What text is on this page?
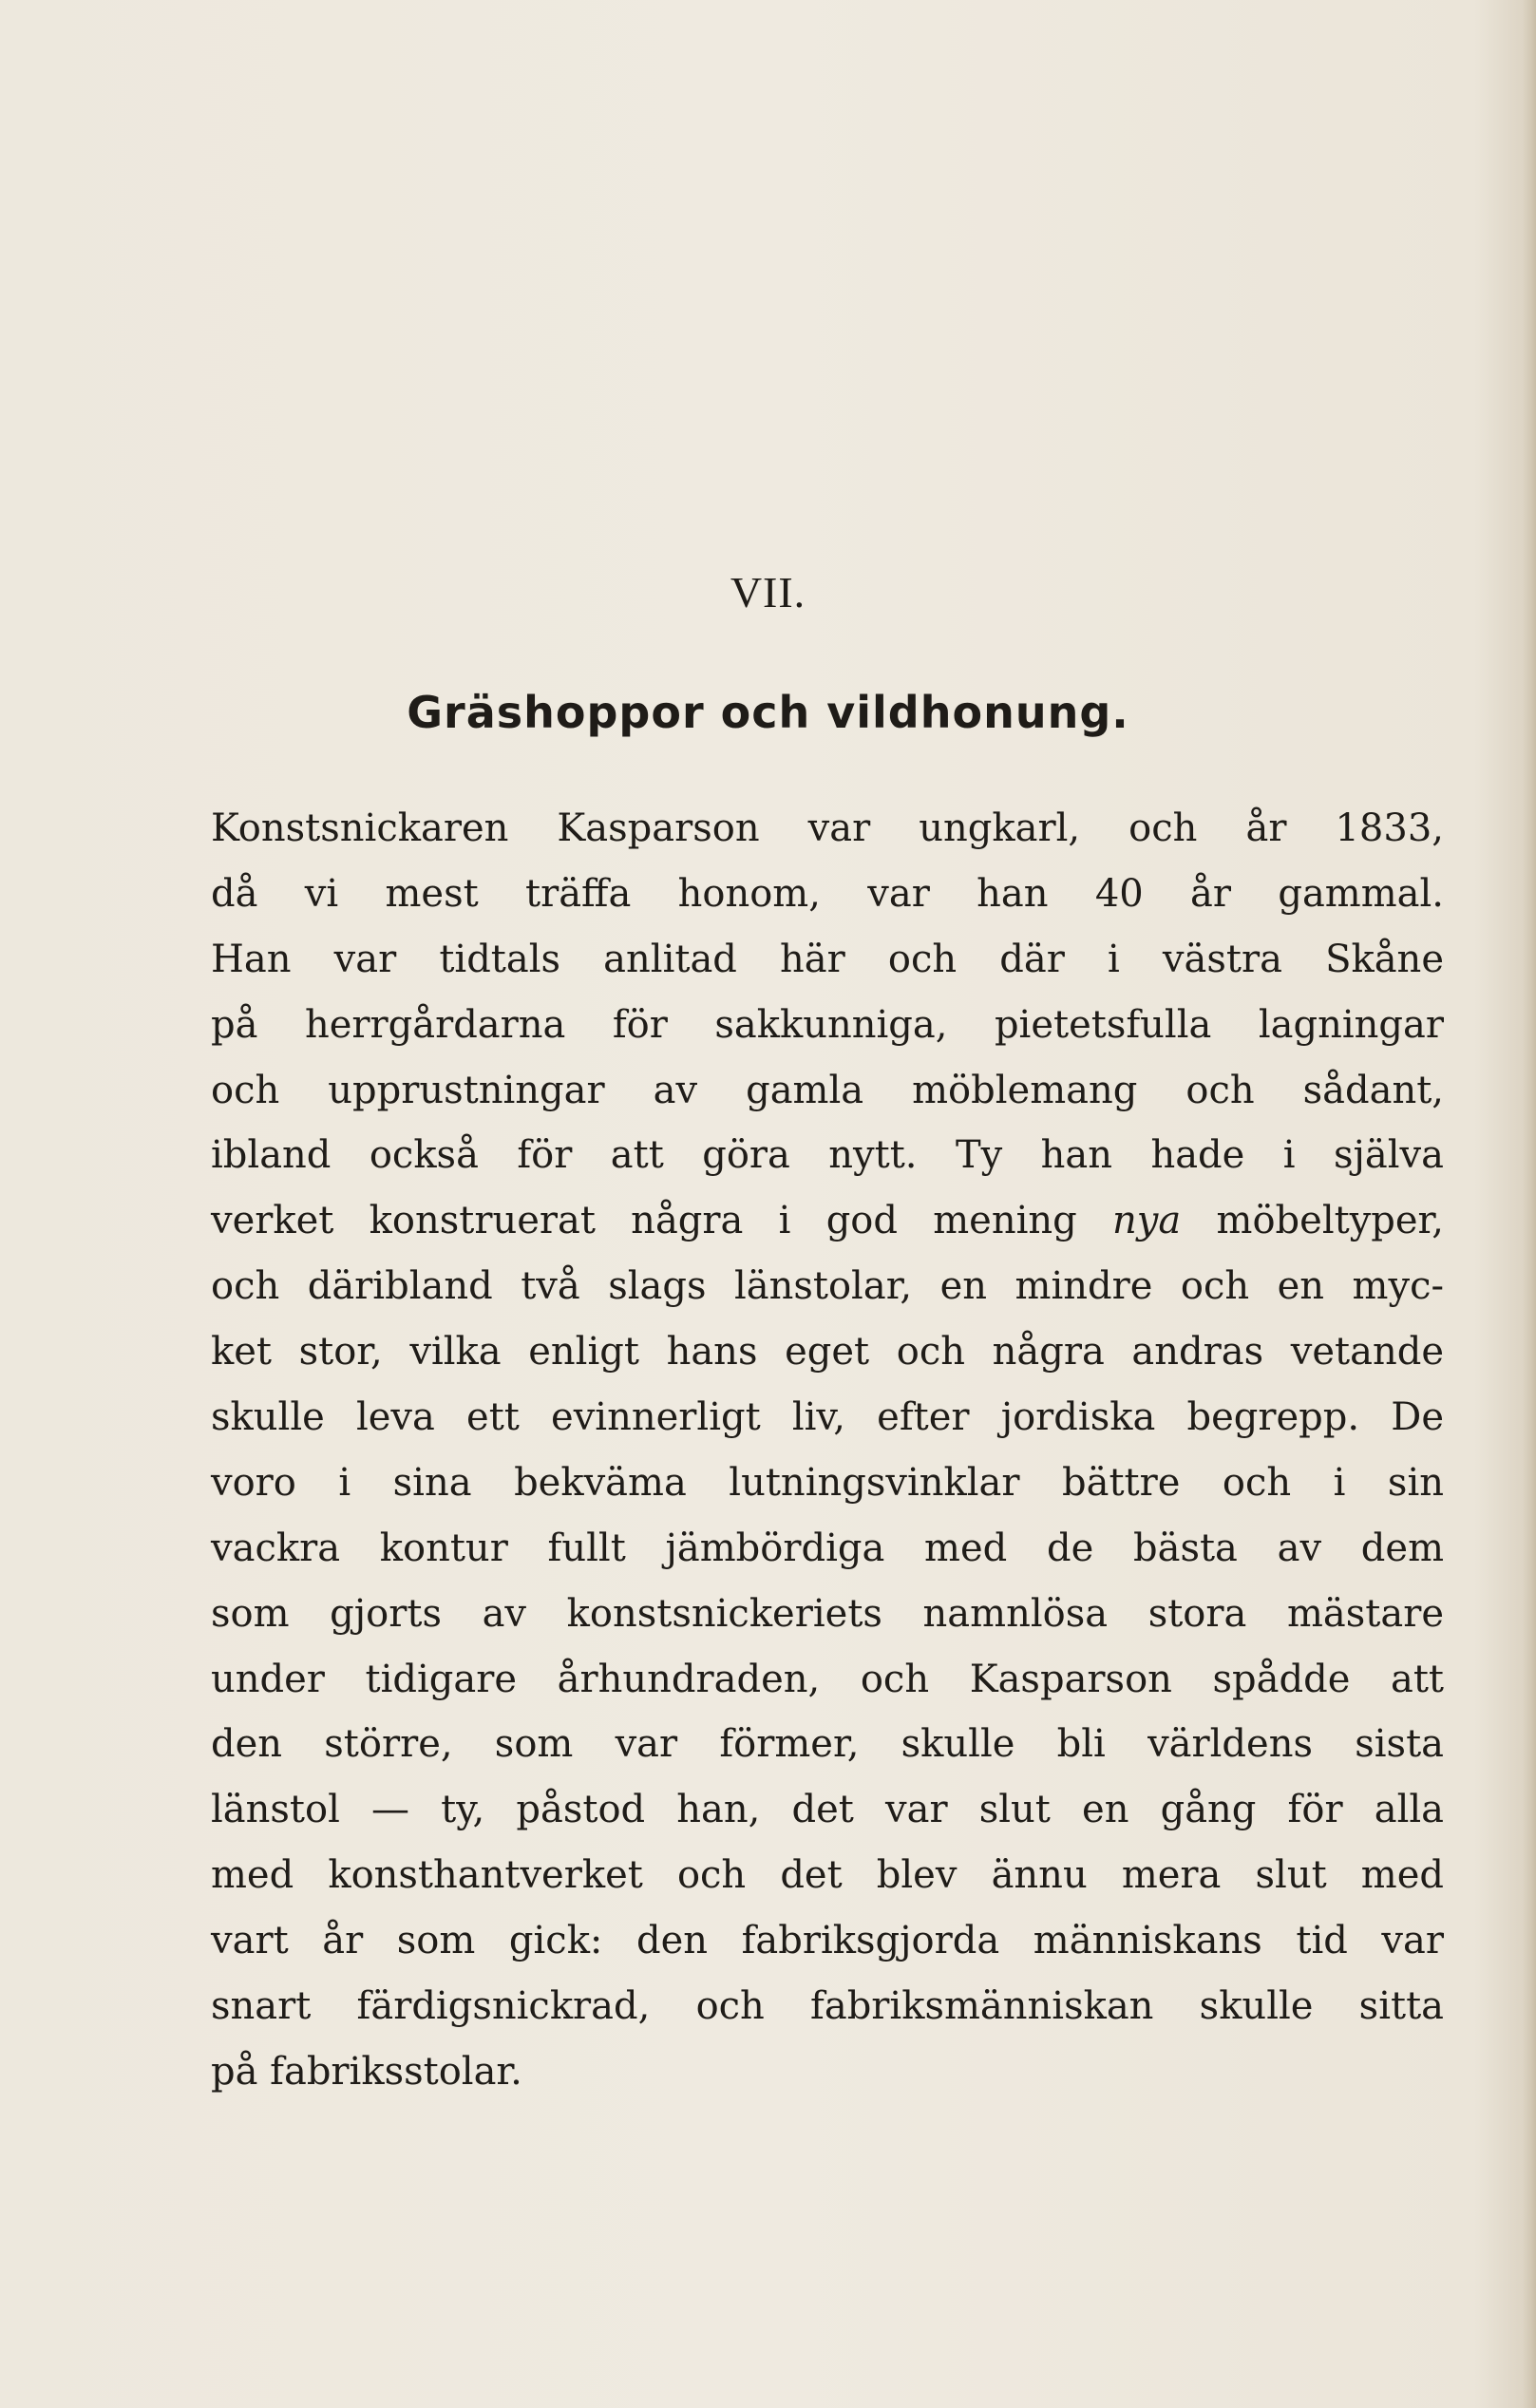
VII.
Gräshoppor och vildhonung.
Konstsnickaren Kasparson var ungkarl, och år 1833,
då vi mest träffa honom, var han 40 år gammal.
Han var tidtals anlitad här och där i västra Skåne
på herrgårdarna för sakkunniga, pietetsfulla lagningar
och upprustningar av gamla möblemang och sådant,
ibland också för att göra nytt. Ty han hade i själva
verket konstruerat några i god mening nya möbeltyper,
och däribland två slags länstolar, en mindre och en myc-
ket stor, vilka enligt hans eget och några andras vetande
skulle leva ett evinnerligt liv, efter jordiska begrepp. De
voro i sina bekväma lutningsvinklar bättre och i sin
vackra kontur fullt jämbördiga med de bästa av dem
som gjorts av konstsnickeriets namnlösa stora mästare
under tidigare århundraden, och Kasparson spådde att
den större, som var förmer, skulle bli världens sista
länstol — ty, påstod han, det var slut en gång för alla
med konsthantverket och det blev ännu mera slut med
vart år som gick: den fabriksgjorda människans tid var
snart färdigsnickrad, och fabriksmänniskan skulle sitta
på fabriksstolar.
